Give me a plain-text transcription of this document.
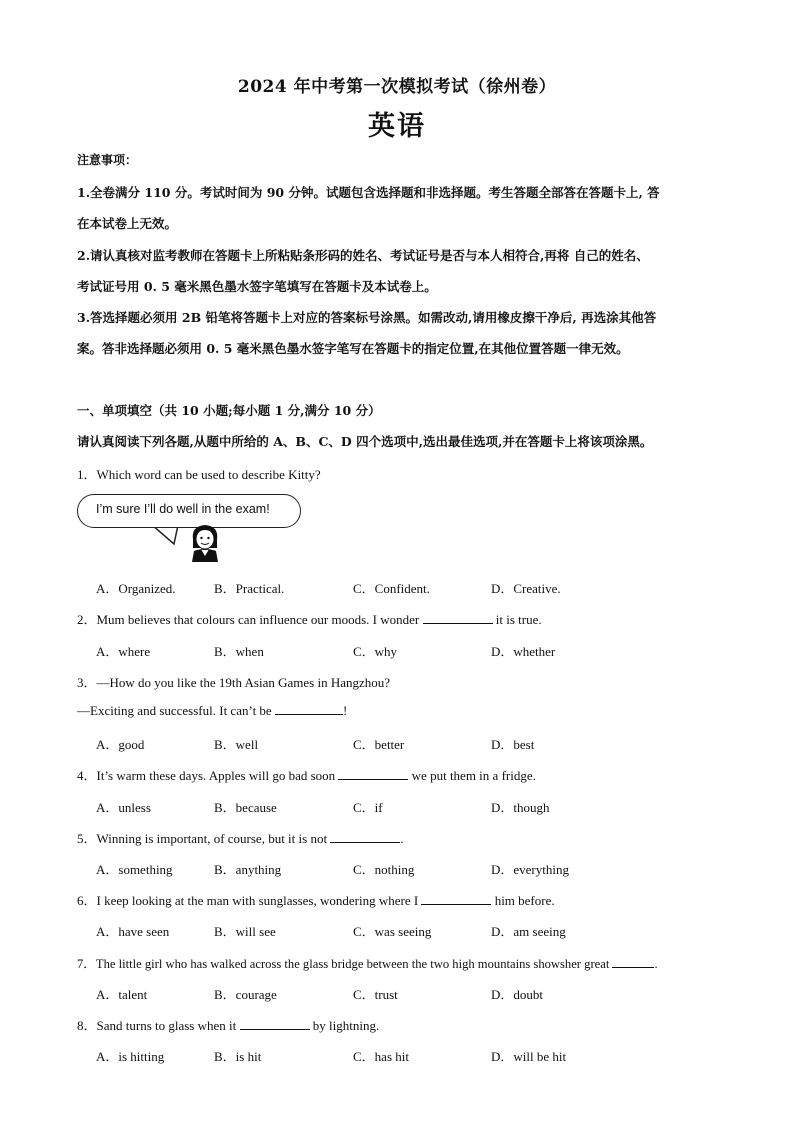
2024 年中考第一次模拟考试（徐州卷）
英语
注意事项：
1.全卷满分 110 分。考试时间为 90 分钟。试题包含选择题和非选择题。考生答题全部答在答题卡上, 答
在本试卷上无效。
2.请认真核对监考教师在答题卡上所粘贴条形码的姓名、考试证号是否与本人相符合,再将 自己的姓名、
考试证号用 0. 5 毫米黑色墨水签字笔填写在答题卡及本试卷上。
3.答选择题必须用 2B 铅笔将答题卡上对应的答案标号涂黑。如需改动,请用橡皮擦干净后, 再选涂其他答
案。答非选择题必须用 0. 5 毫米黑色墨水签字笔写在答题卡的指定位置,在其他位置答题一律无效。
一、单项填空（共 10 小题;每小题 1 分,满分 10 分）
请认真阅读下列各题,从题中所给的 A、B、C、D 四个选项中,选出最佳选项,并在答题卡上将该项涂黑。
1．Which word can be used to describe Kitty?
I’m sure I’ll do well in the exam!
A．Organized.	B．Practical.	C．Confident.	D．Creative.
2．Mum believes that colours can influence our moods. I wonder	it is true.
A．where	B．when	C．why	D．whether
3．—How do you like the 19th Asian Games in Hangzhou?
—Exciting and successful. It can’t be	!
A．good	B．well	C．better	D．best
4．It’s warm these days. Apples will go bad soon	we put them in a fridge.
A．unless	B．because	C．if	D．though
5．Winning is important, of course, but it is not	.
A．something	B．anything	C．nothing	D．everything
6．I keep looking at the man with sunglasses, wondering where I	him before.
A．have seen	B．will see	C．was seeing	D．am seeing
7．The little girl who has walked across the glass bridge between the two high mountains showsher great	.
A．talent	B．courage	C．trust	D．doubt
8．Sand turns to glass when it	by lightning.
A．is hitting	B．is hit	C．has hit	D．will be hit
